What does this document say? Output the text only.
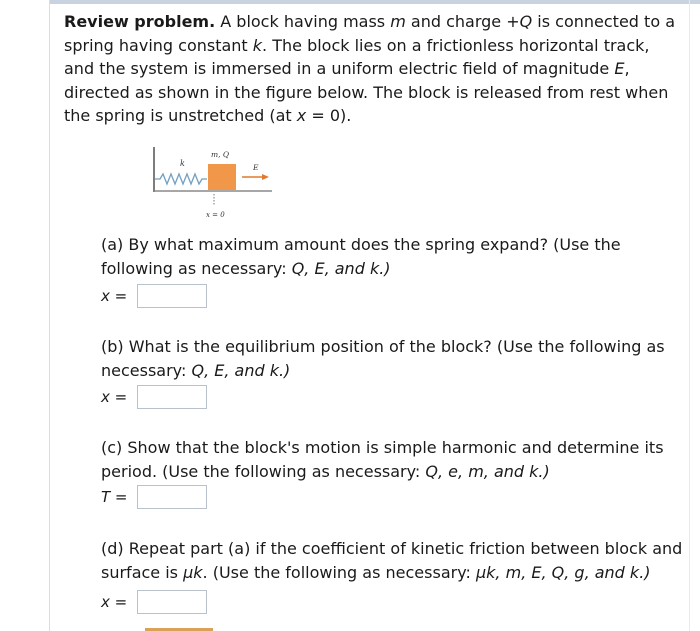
Review problem. A block having mass m and charge +Q is connected to a spring having constant k. The block lies on a frictionless horizontal track, and the system is immersed in a uniform electric field of magnitude E, directed as shown in the figure below. The block is released from rest when the spring is unstretched (at x = 0).
k
m, Q
E
x = 0
(a) By what maximum amount does the spring expand? (Use the following as necessary: Q, E, and k.)
x =
(b) What is the equilibrium position of the block? (Use the following as necessary: Q, E, and k.)
x =
(c) Show that the block's motion is simple harmonic and determine its period. (Use the following as necessary: Q, e, m, and k.)
T =
(d) Repeat part (a) if the coefficient of kinetic friction between block and surface is μk. (Use the following as necessary: μk, m, E, Q, g, and k.)
x =
